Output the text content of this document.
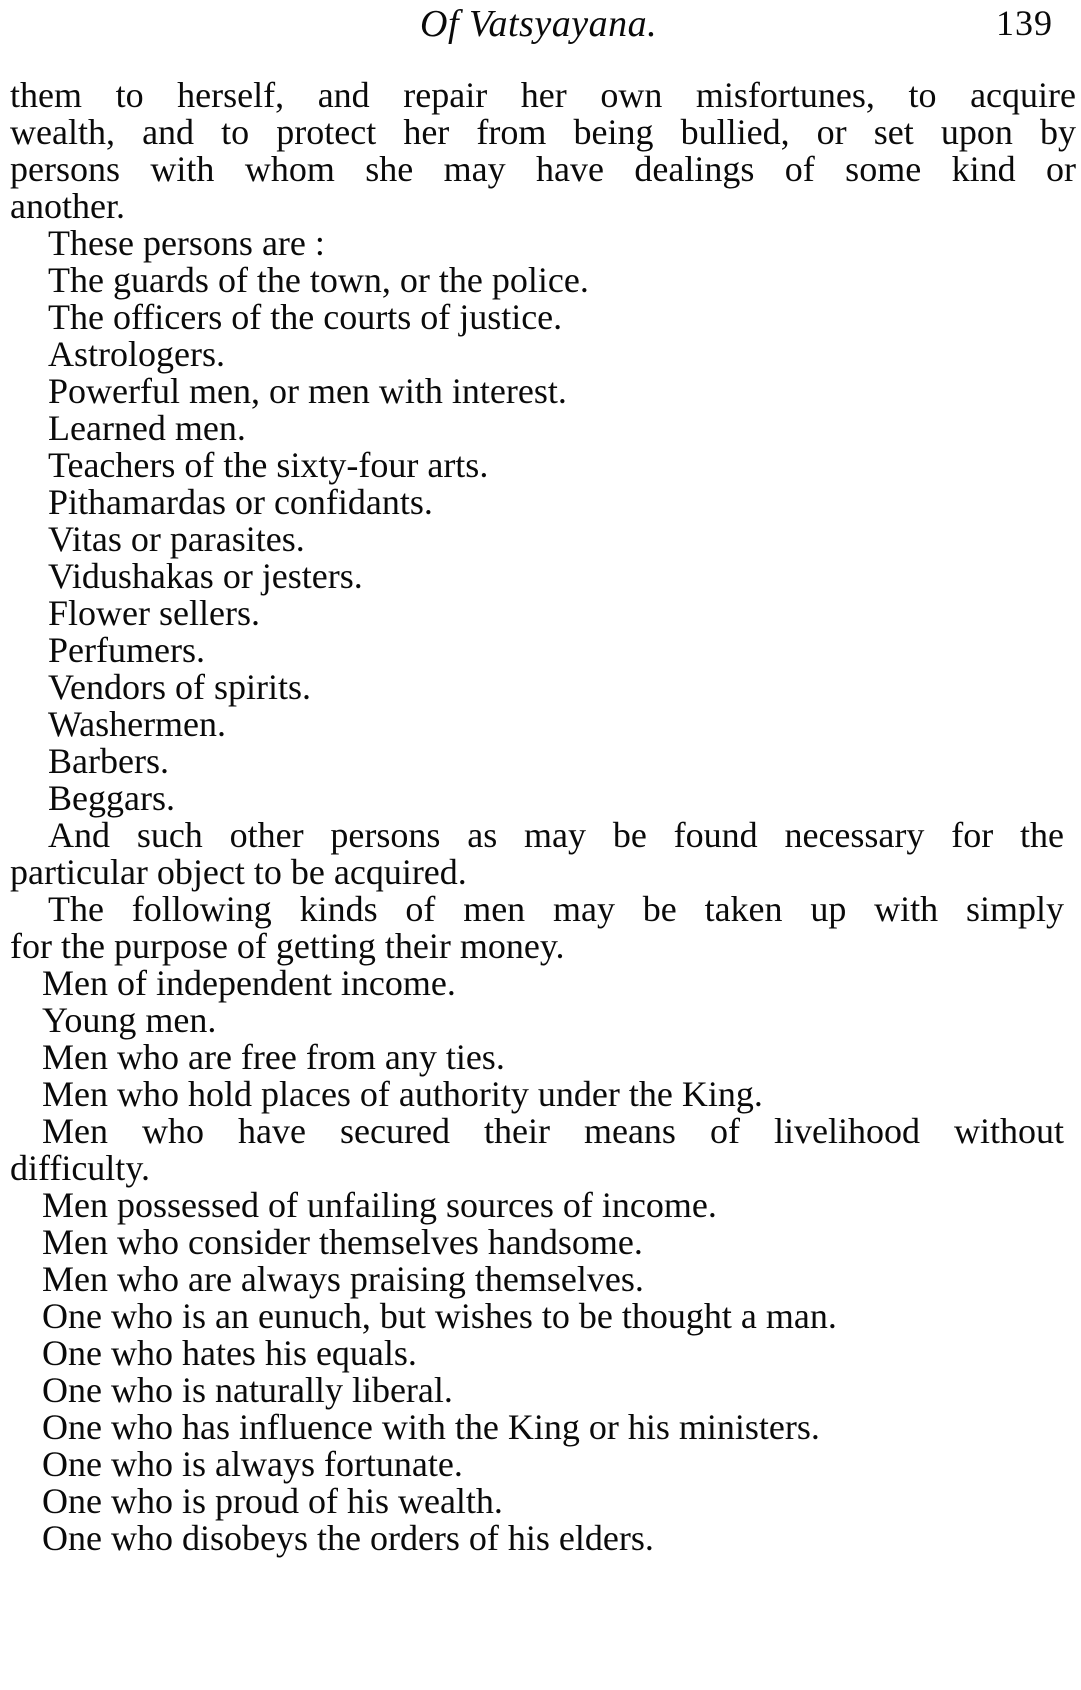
Of Vatsyayana.	139
them to herself, and repair her own misfortunes, to acquire
wealth, and to protect her from being bullied, or set upon by
persons with whom she may have dealings of some kind or
another.
These persons are :
The guards of the town, or the police.
The officers of the courts of justice.
Astrologers.
Powerful men, or men with interest.
Learned men.
Teachers of the sixty-four arts.
Pithamardas or confidants.
Vitas or parasites.
Vidushakas or jesters.
Flower sellers.
Perfumers.
Vendors of spirits.
Washermen.
Barbers.
Beggars.
And such other persons as may be found necessary for the
particular object to be acquired.
The following kinds of men may be taken up with simply
for the purpose of getting their money.
Men of independent income.
Young men.
Men who are free from any ties.
Men who hold places of authority under the King.
Men who have secured their means of livelihood without
difficulty.
Men possessed of unfailing sources of income.
Men who consider themselves handsome.
Men who are always praising themselves.
One who is an eunuch, but wishes to be thought a man.
One who hates his equals.
One who is naturally liberal.
One who has influence with the King or his ministers.
One who is always fortunate.
One who is proud of his wealth.
One who disobeys the orders of his elders.
